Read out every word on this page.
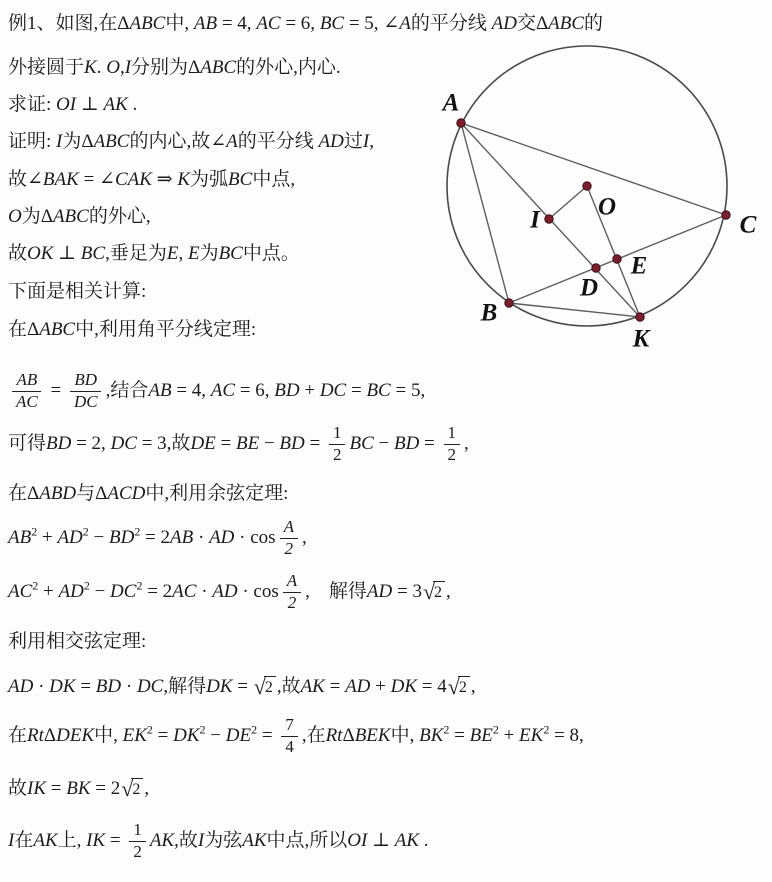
例1、如图,在Δ ABC 中, AB = 4, AC = 6, BC = 5, ∠ A 的平分线 AD 交Δ ABC 的
外接圆于 K . O , I 分别为Δ ABC 的外心,内心.
求证: OI ⊥ AK .
证明: I 为Δ ABC 的内心,故∠ A 的平分线 AD 过 I ,
故∠ BAK = ∠ CAK ⇒ K 为弧 BC 中点,
O 为Δ ABC 的外心,
故 OK ⊥ BC ,垂足为 E , E 为 BC 中点。
下面是相关计算:
在Δ ABC 中,利用角平分线定理:
$\frac{AB}{AC} = \frac{BD}{DC}$ ,结合 AB = 4, AC = 6, BD + DC = BC = 5,
可得 BD = 2, DC = 3,故 DE = BE − BD = $\frac{1}{2}$ BC − BD = $\frac{1}{2}$ ,
在Δ ABD 与Δ ACD 中,利用余弦定理:
$AB^2 + AD^2 - BD^2 = 2$ AB · AD · $\cos \frac{A}{2}$ ,
$AC^2 + AD^2 - DC^2 = 2$ AC · AD · $\cos \frac{A}{2}$ ,    解得 AD = 3 √ 2 ,
利用相交弦定理:
AD · DK = BD · DC ,解得 DK = √ 2 ,故 AK = AD + DK = 4 √ 2 ,
在 Rt Δ DEK 中, $EK^2 = DK^2 - DE^2 = \frac{7}{4}$ ,在 Rt Δ BEK 中, $BK^2 = BE^2 + EK^2 = 8$,
故 IK = BK = 2 √ 2 ,
I 在 AK 上, IK = $\frac{1}{2}$ AK ,故 I 为弦 AK 中点,所以 OI ⊥ AK .
A
B
C
K
O
I
D
E
